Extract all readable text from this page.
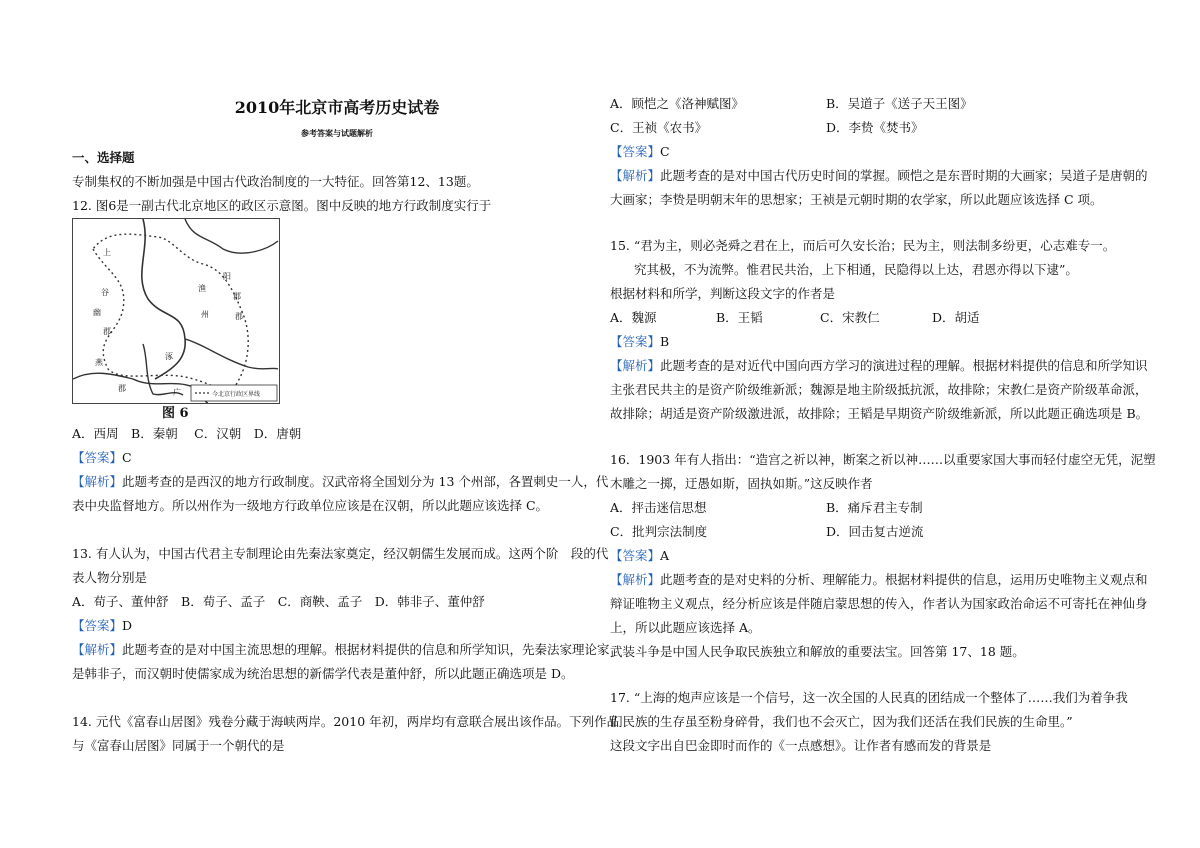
2010年北京市高考历史试卷
参考答案与试题解析
一、选择题
专制集权的不断加强是中国古代政治制度的一大特征。回答第12、13题。
12. 图6是一副古代北京地区的政区示意图。图中反映的地方行政制度实行于
今北京行政区界线
上
谷
郡
幽	州	郡
渔
阳
郡
涿
燕
郡	广
图 6
A．西周　B．秦朝　 C．汉朝　D．唐朝
【答案】C
【解析】此题考查的是西汉的地方行政制度。汉武帝将全国划分为 13 个州部，各置刺史一人，代
表中央监督地方。所以州作为一级地方行政单位应该是在汉朝，所以此题应该选择 C。
13. 有人认为，中国古代君主专制理论由先秦法家奠定，经汉朝儒生发展而成。这两个阶　段的代
表人物分别是
A．荀子、董仲舒　B．荀子、孟子　C．商鞅、孟子　D．韩非子、董仲舒
【答案】D
【解析】此题考查的是对中国主流思想的理解。根据材料提供的信息和所学知识，先秦法家理论家
是韩非子，而汉朝时使儒家成为统治思想的新儒学代表是董仲舒，所以此题正确选项是 D。
14. 元代《富春山居图》残卷分藏于海峡两岸。2010 年初，两岸均有意联合展出该作品。下列作品
与《富春山居图》同属于一个朝代的是
A．顾恺之《洛神赋图》	B．吴道子《送子天王图》
C．王祯《农书》	D．李贽《焚书》
【答案】C
【解析】此题考查的是对中国古代历史时间的掌握。顾恺之是东晋时期的大画家；吴道子是唐朝的
大画家；李贽是明朝末年的思想家；王祯是元朝时期的农学家，所以此题应该选择 C 项。
15. “君为主，则必尧舜之君在上，而后可久安长治；民为主，则法制多纷更，心志难专一。
究其极，不为流弊。惟君民共治，上下相通，民隐得以上达，君恩亦得以下逮”。
根据材料和所学，判断这段文字的作者是
A．魏源	B．王韬	C．宋教仁	D．胡适
【答案】B
【解析】此题考查的是对近代中国向西方学习的演进过程的理解。根据材料提供的信息和所学知识
主张君民共主的是资产阶级维新派；魏源是地主阶级抵抗派，故排除；宋教仁是资产阶级革命派，
故排除；胡适是资产阶级激进派，故排除；王韬是早期资产阶级维新派，所以此题正确选项是 B。
16．1903 年有人指出：“造宫之祈以神，断案之祈以神……以重要家国大事而轻付虚空无凭，泥塑
木雕之一掷，迂愚如斯，固执如斯。”这反映作者
A．抨击迷信思想	B．痛斥君主专制
C．批判宗法制度	D．回击复古逆流
【答案】A
【解析】此题考查的是对史料的分析、理解能力。根据材料提供的信息，运用历史唯物主义观点和
辩证唯物主义观点，经分析应该是伴随启蒙思想的传入，作者认为国家政治命运不可寄托在神仙身
上，所以此题应该选择 A。
武装斗争是中国人民争取民族独立和解放的重要法宝。回答第 17、18 题。
17. “上海的炮声应该是一个信号，这一次全国的人民真的团结成一个整体了……我们为着争我
们民族的生存虽至粉身碎骨，我们也不会灭亡，因为我们还活在我们民族的生命里。”
这段文字出自巴金即时而作的《一点感想》。让作者有感而发的背景是
